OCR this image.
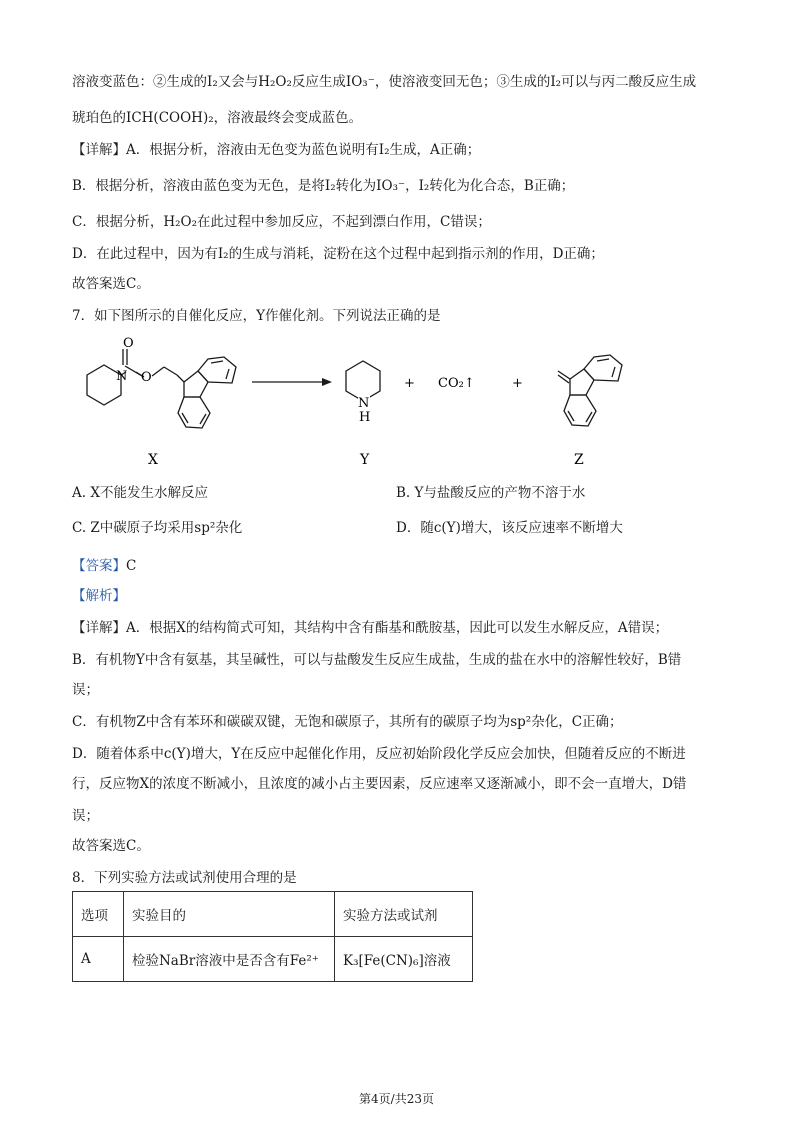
溶液变蓝色：②生成的I₂又会与H₂O₂反应生成IO₃⁻，使溶液变回无色；③生成的I₂可以与丙二酸反应生成
琥珀色的ICH(COOH)₂，溶液最终会变成蓝色。
【详解】A．根据分析，溶液由无色变为蓝色说明有I₂生成，A正确；
B．根据分析，溶液由蓝色变为无色，是将I₂转化为IO₃⁻，I₂转化为化合态，B正确；
C．根据分析，H₂O₂在此过程中参加反应，不起到漂白作用，C错误；
D．在此过程中，因为有I₂的生成与消耗，淀粉在这个过程中起到指示剂的作用，D正确；
故答案选C。
7．如下图所示的自催化反应，Y作催化剂。下列说法正确的是
O
N O
N
H
+ CO₂↑	+
X	Y	Z
A. X不能发生水解反应	B. Y与盐酸反应的产物不溶于水
C. Z中碳原子均采用sp²杂化	D．随c(Y)增大，该反应速率不断增大
【答案】C
【解析】
【详解】A．根据X的结构简式可知，其结构中含有酯基和酰胺基，因此可以发生水解反应，A错误；
B．有机物Y中含有氨基，其呈碱性，可以与盐酸发生反应生成盐，生成的盐在水中的溶解性较好，B错
误；
C．有机物Z中含有苯环和碳碳双键，无饱和碳原子，其所有的碳原子均为sp²杂化，C正确；
D．随着体系中c(Y)增大，Y在反应中起催化作用，反应初始阶段化学反应会加快，但随着反应的不断进
行，反应物X的浓度不断减小，且浓度的减小占主要因素，反应速率又逐渐减小，即不会一直增大，D错
误；
故答案选C。
8．下列实验方法或试剂使用合理的是
选项	实验目的	实验方法或试剂
A	检验NaBr溶液中是否含有Fe²⁺	K₃[Fe(CN)₆]溶液
第4页/共23页
